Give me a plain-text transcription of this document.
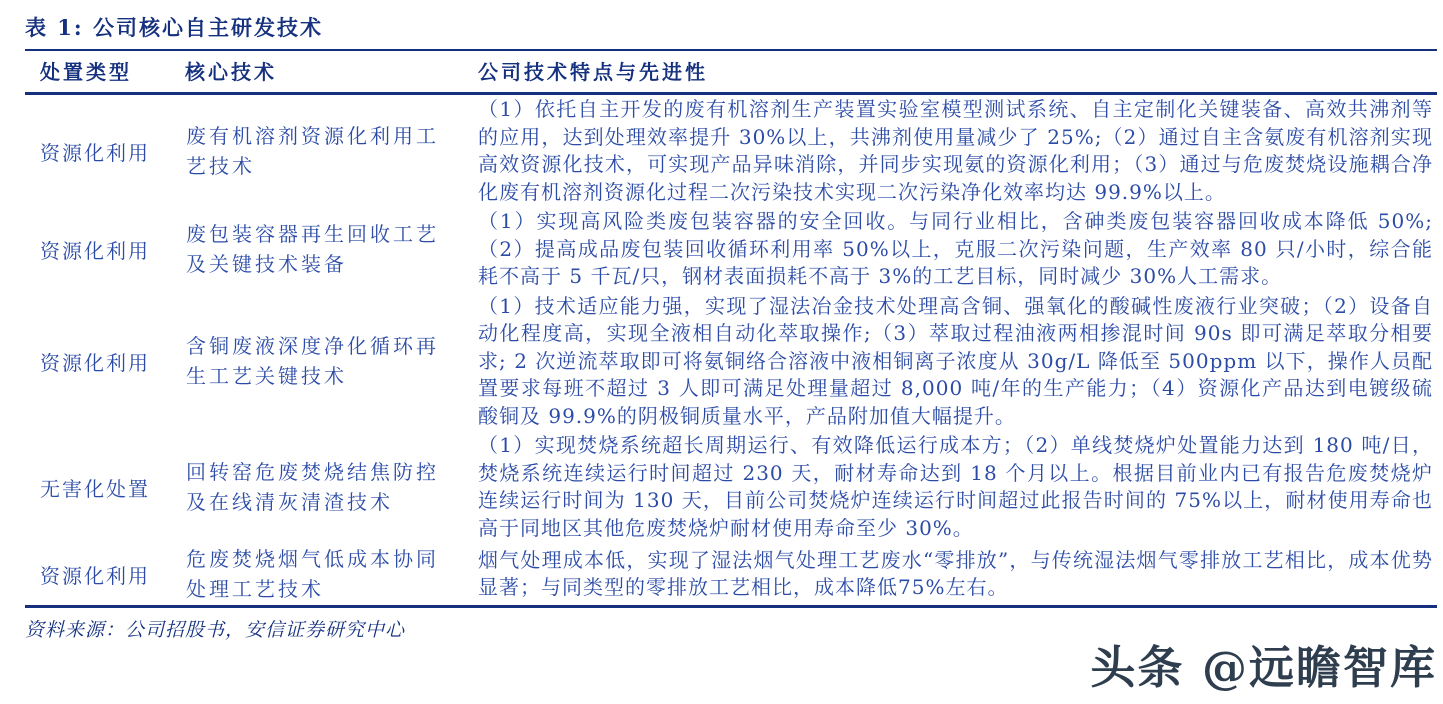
表 1: 公司核心自主研发技术
处置类型	核心技术	公司技术特点与先进性
资源化利用	废有机溶剂资源化利用工艺技术	（1）依托自主开发的废有机溶剂生产装置实验室模型测试系统、自主定制化关键装备、高效共沸剂等的应用，达到处理效率提升 30%以上，共沸剂使用量减少了 25%;（2）通过自主含氨废有机溶剂实现高效资源化技术，可实现产品异味消除，并同步实现氨的资源化利用；（3）通过与危废焚烧设施耦合净化废有机溶剂资源化过程二次污染技术实现二次污染净化效率均达 99.9%以上。
资源化利用	废包装容器再生回收工艺及关键技术装备	（1）实现高风险类废包装容器的安全回收。与同行业相比，含砷类废包装容器回收成本降低 50%;（2）提高成品废包装回收循环利用率 50%以上，克服二次污染问题，生产效率 80 只/小时，综合能耗不高于 5 千瓦/只，钢材表面损耗不高于 3%的工艺目标，同时减少 30%人工需求。
资源化利用	含铜废液深度净化循环再生工艺关键技术	（1）技术适应能力强，实现了湿法冶金技术处理高含铜、强氧化的酸碱性废液行业突破；（2）设备自动化程度高，实现全液相自动化萃取操作;（3）萃取过程油液两相掺混时间 90s 即可满足萃取分相要求; 2 次逆流萃取即可将氨铜络合溶液中液相铜离子浓度从 30g/L 降低至 500ppm 以下，操作人员配置要求每班不超过 3 人即可满足处理量超过 8,000 吨/年的生产能力；（4）资源化产品达到电镀级硫酸铜及 99.9%的阴极铜质量水平，产品附加值大幅提升。
无害化处置	回转窑危废焚烧结焦防控及在线清灰清渣技术	（1）实现焚烧系统超长周期运行、有效降低运行成本方；（2）单线焚烧炉处置能力达到 180 吨/日，焚烧系统连续运行时间超过 230 天，耐材寿命达到 18 个月以上。根据目前业内已有报告危废焚烧炉连续运行时间为 130 天，目前公司焚烧炉连续运行时间超过此报告时间的 75%以上，耐材使用寿命也高于同地区其他危废焚烧炉耐材使用寿命至少 30%。
资源化利用	危废焚烧烟气低成本协同处理工艺技术	烟气处理成本低，实现了湿法烟气处理工艺废水“零排放”，与传统湿法烟气零排放工艺相比，成本优势显著；与同类型的零排放工艺相比，成本降低75%左右。
资料来源：公司招股书，安信证券研究中心
头条 @远瞻智库
